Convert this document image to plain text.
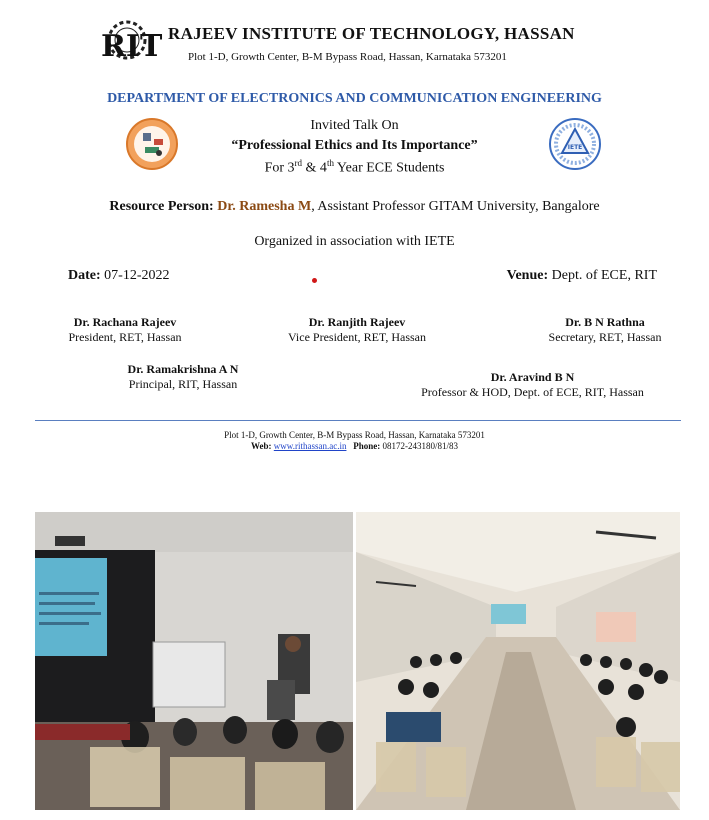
RIT RAJEEV INSTITUTE OF TECHNOLOGY, HASSAN
Plot 1-D, Growth Center, B-M Bypass Road, Hassan, Karnataka 573201
DEPARTMENT OF ELECTRONICS AND COMMUNICATION ENGINEERING
IETE
Invited Talk On
“Professional Ethics and Its Importance”
For 3rd & 4th Year ECE Students
Resource Person: Dr. Ramesha M, Assistant Professor GITAM University, Bangalore
Organized in association with IETE
Date: 07-12-2022	Venue: Dept. of ECE, RIT
Dr. Rachana Rajeev
President, RET, Hassan
Dr. Ranjith Rajeev
Vice President, RET, Hassan
Dr. B N Rathna
Secretary, RET, Hassan
Dr. Ramakrishna A N
Principal, RIT, Hassan	Dr. Aravind B N
Professor & HOD, Dept. of ECE, RIT, Hassan
Plot 1-D, Growth Center, B-M Bypass Road, Hassan, Karnataka 573201
Web: www.rithassan.ac.in Phone: 08172-243180/81/83
